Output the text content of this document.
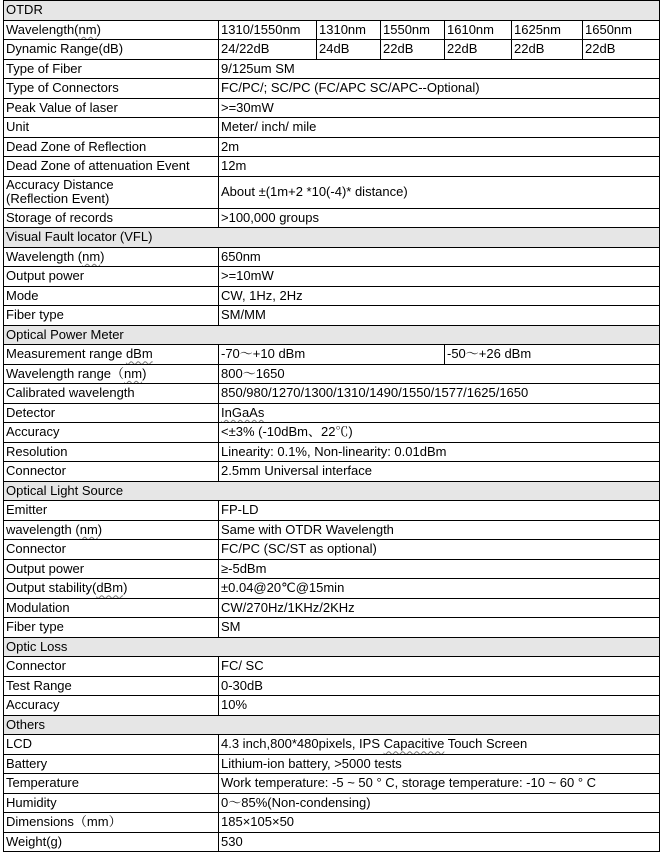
OTDR						
Wavelength(nm)	1310/1550nm	1310nm	1550nm	1610nm	1625nm	1650nm
Dynamic Range(dB)	24/22dB	24dB	22dB	22dB	22dB	22dB
Type of Fiber	9/125um SM					
Type of Connectors	FC/PC/; SC/PC (FC/APC SC/APC--Optional)					
Peak Value of laser	>=30mW					
Unit	Meter/ inch/ mile					
Dead Zone of Reflection	2m					
Dead Zone of attenuation Event	12m					
Accuracy Distance
(Reflection Event)	About ±(1m+2 *10(-4)* distance)					
Storage of records	>100,000 groups					
Visual Fault locator (VFL)						
Wavelength (nm)	650nm					
Output power	>=10mW					
Mode	CW, 1Hz, 2Hz					
Fiber type	SM/MM					
Optical Power Meter						
Measurement range dBm	-70～+10 dBm			-50～+26 dBm		
Wavelength range（nm)	800～1650					
Calibrated wavelength	850/980/1270/1300/1310/1490/1550/1577/1625/1650					
Detector	InGaAs					
Accuracy	<±3% (-10dBm、22℃)					
Resolution	Linearity: 0.1%, Non-linearity: 0.01dBm					
Connector	2.5mm Universal interface					
Optical Light Source						
Emitter	FP-LD					
wavelength (nm)	Same with OTDR Wavelength					
Connector	FC/PC (SC/ST as optional)					
Output power	≥-5dBm					
Output stability(dBm)	±0.04@20℃@15min					
Modulation	CW/270Hz/1KHz/2KHz					
Fiber type	SM					
Optic Loss						
Connector	FC/ SC					
Test Range	0-30dB					
Accuracy	10%					
Others						
LCD	4.3 inch,800*480pixels, IPS Capacitive Touch Screen					
Battery	Lithium-ion battery, >5000 tests					
Temperature	Work temperature: -5 ~ 50 ° C, storage temperature: -10 ~ 60 ° C					
Humidity	0～85%(Non-condensing)					
Dimensions（mm）	185×105×50					
Weight(g)	530					
